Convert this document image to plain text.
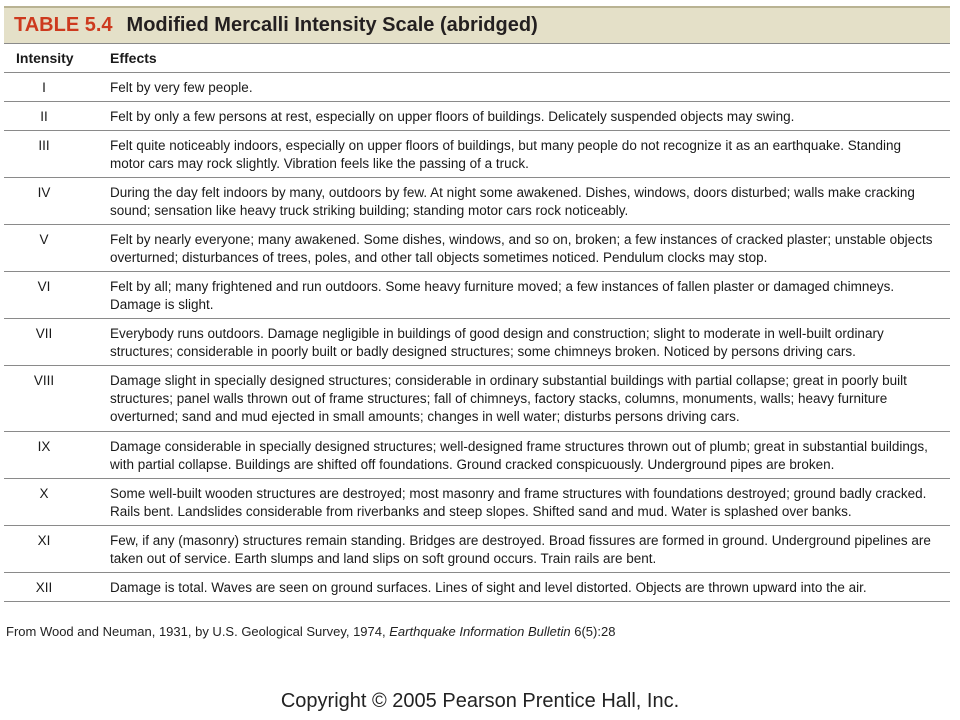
TABLE 5.4 Modified Mercalli Intensity Scale (abridged)
Intensity	Effects
I	Felt by very few people.
II	Felt by only a few persons at rest, especially on upper floors of buildings. Delicately suspended objects may swing.
III	Felt quite noticeably indoors, especially on upper floors of buildings, but many people do not recognize it as an earthquake. Standing motor cars may rock slightly. Vibration feels like the passing of a truck.
IV	During the day felt indoors by many, outdoors by few. At night some awakened. Dishes, windows, doors disturbed; walls make cracking sound; sensation like heavy truck striking building; standing motor cars rock noticeably.
V	Felt by nearly everyone; many awakened. Some dishes, windows, and so on, broken; a few instances of cracked plaster; unstable objects overturned; disturbances of trees, poles, and other tall objects sometimes noticed. Pendulum clocks may stop.
VI	Felt by all; many frightened and run outdoors. Some heavy furniture moved; a few instances of fallen plaster or damaged chimneys. Damage is slight.
VII	Everybody runs outdoors. Damage negligible in buildings of good design and construction; slight to moderate in well-built ordinary structures; considerable in poorly built or badly designed structures; some chimneys broken. Noticed by persons driving cars.
VIII	Damage slight in specially designed structures; considerable in ordinary substantial buildings with partial collapse; great in poorly built structures; panel walls thrown out of frame structures; fall of chimneys, factory stacks, columns, monuments, walls; heavy furniture overturned; sand and mud ejected in small amounts; changes in well water; disturbs persons driving cars.
IX	Damage considerable in specially designed structures; well-designed frame structures thrown out of plumb; great in substantial buildings, with partial collapse. Buildings are shifted off foundations. Ground cracked conspicuously. Underground pipes are broken.
X	Some well-built wooden structures are destroyed; most masonry and frame structures with foundations destroyed; ground badly cracked. Rails bent. Landslides considerable from riverbanks and steep slopes. Shifted sand and mud. Water is splashed over banks.
XI	Few, if any (masonry) structures remain standing. Bridges are destroyed. Broad fissures are formed in ground. Underground pipelines are taken out of service. Earth slumps and land slips on soft ground occurs. Train rails are bent.
XII	Damage is total. Waves are seen on ground surfaces. Lines of sight and level distorted. Objects are thrown upward into the air.
From Wood and Neuman, 1931, by U.S. Geological Survey, 1974, Earthquake Information Bulletin 6(5):28
Copyright © 2005 Pearson Prentice Hall, Inc.
